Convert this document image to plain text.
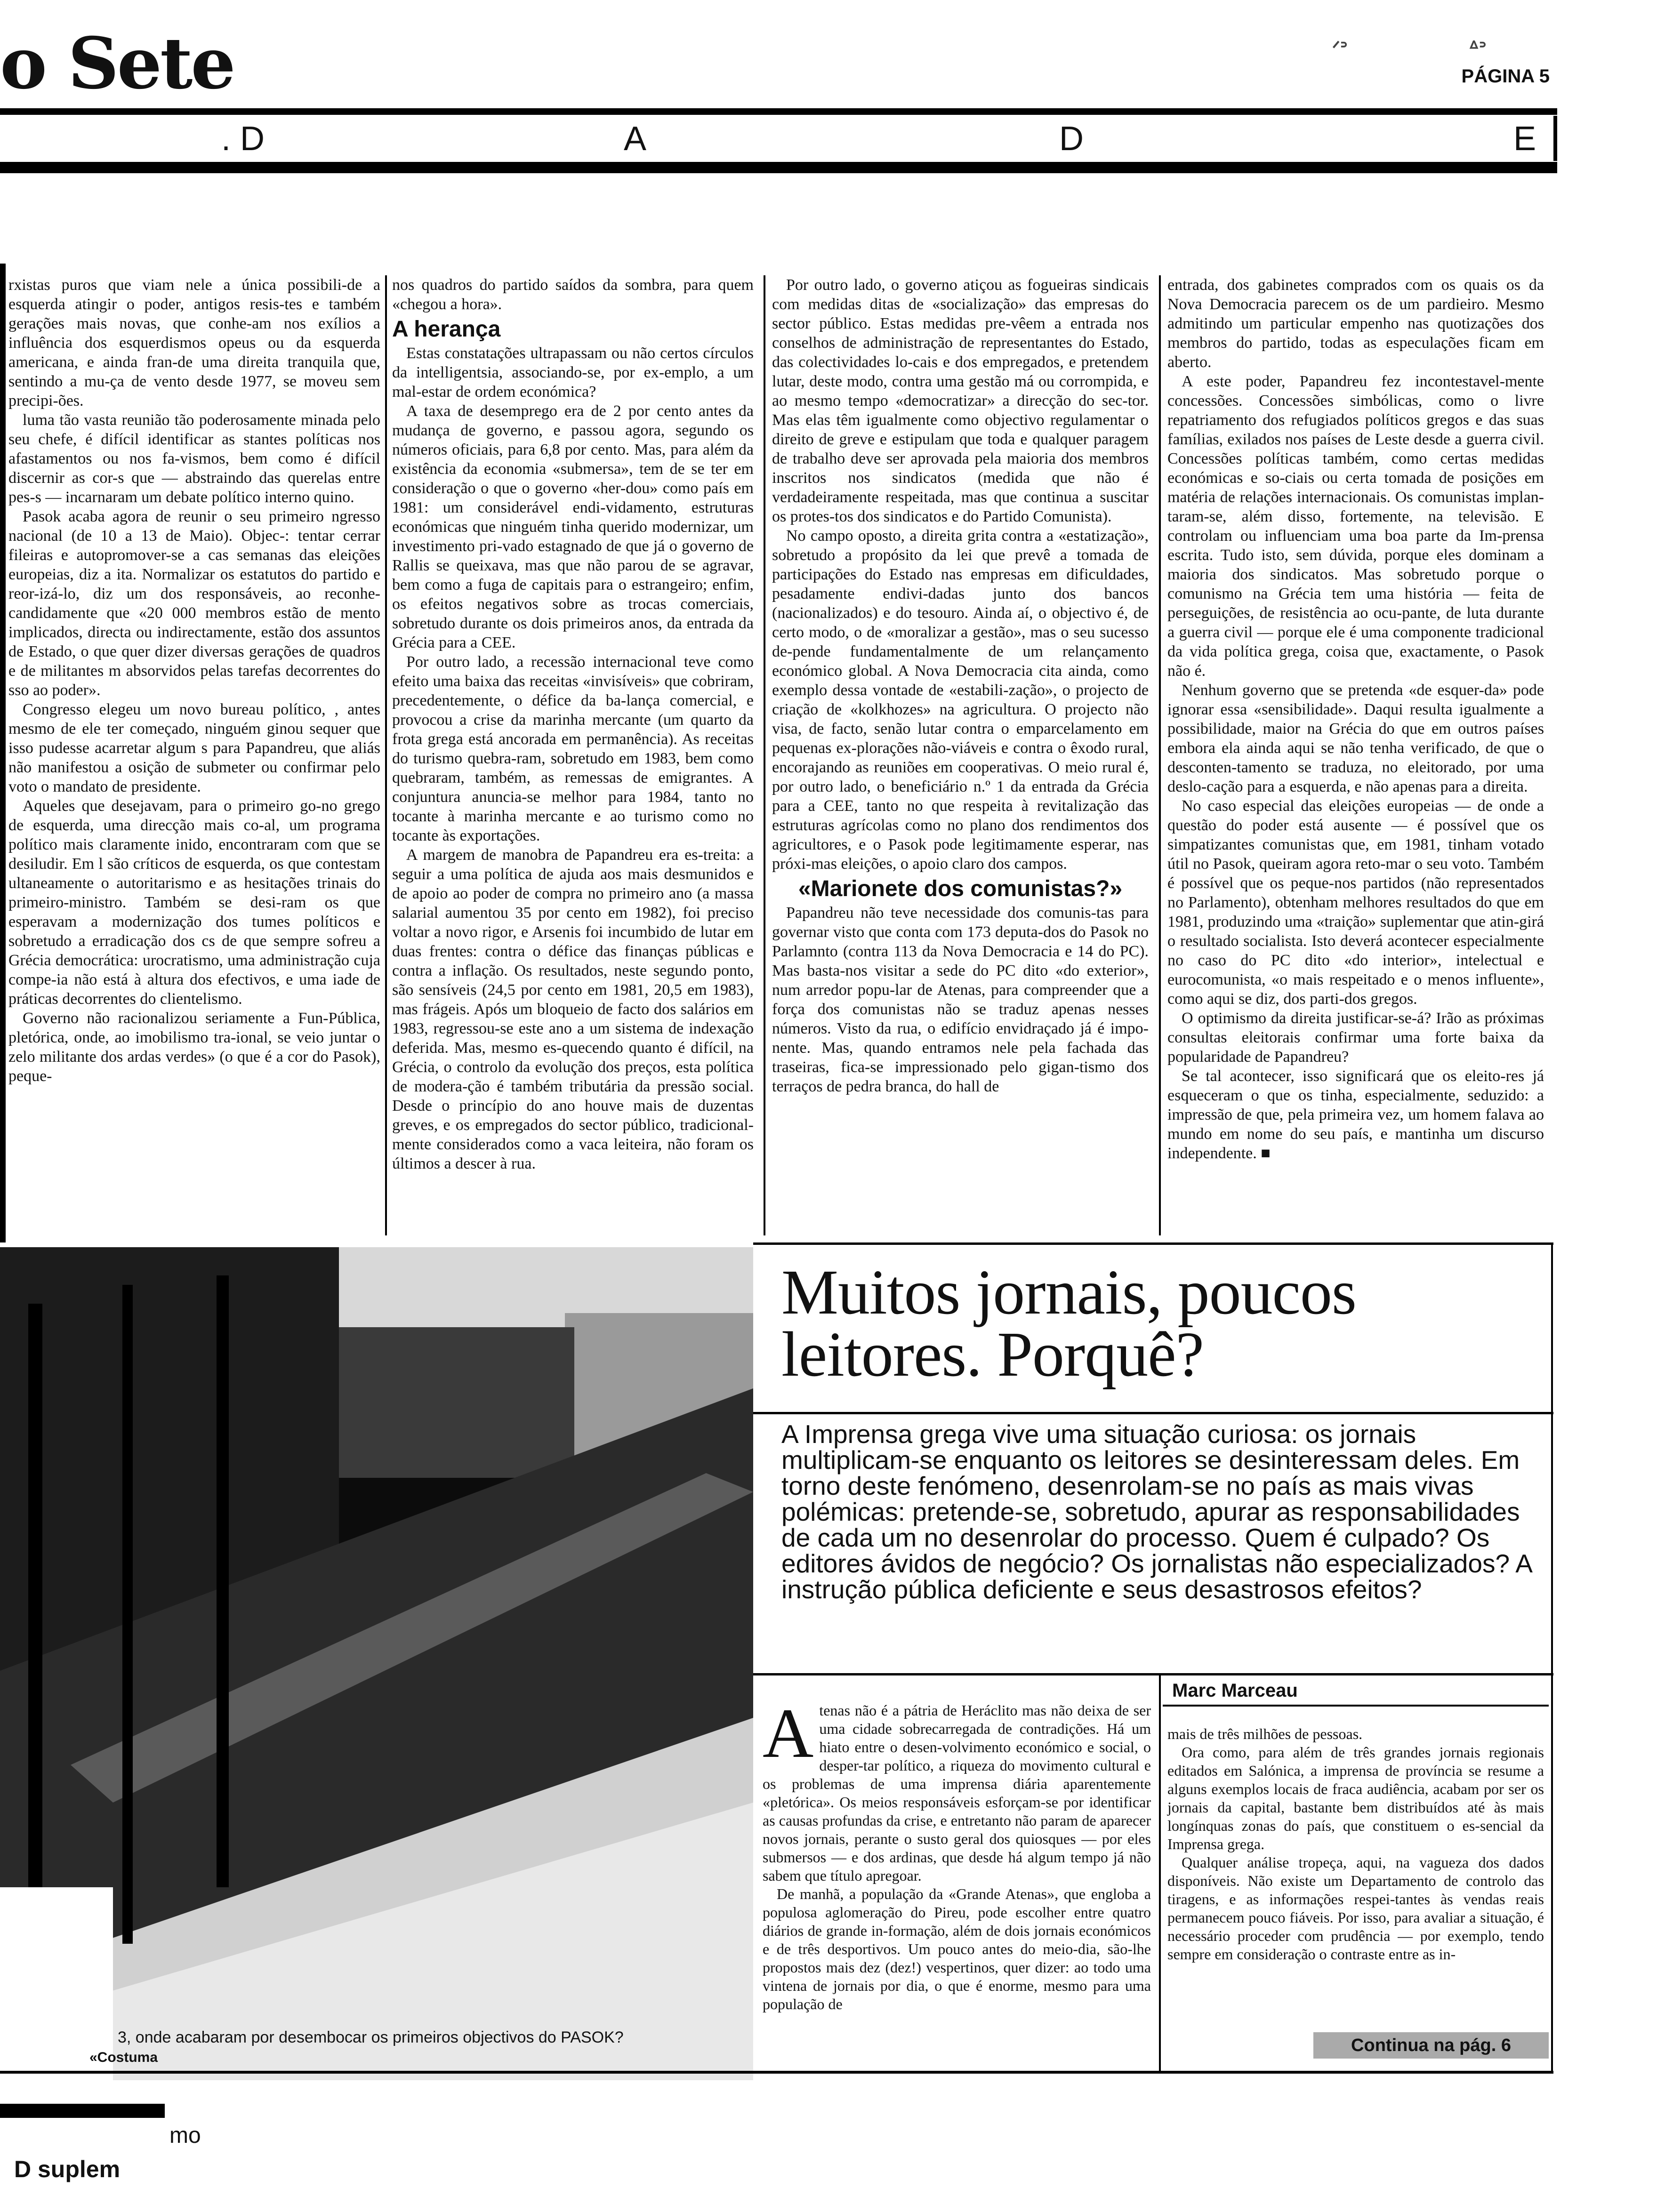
o Sete	ᐟᐣ	ᐞᐣ
PÁGINA 5
. D	A	D	E

rxistas puros que viam nele a única possibili-de a esquerda atingir o poder, antigos resis-tes e também gerações mais novas, que conhe-am nos exílios a influência dos esquerdismos opeus ou da esquerda americana, e ainda fran-de uma direita tranquila que, sentindo a mu-ça de vento desde 1977, se moveu sem precipi-ões.

luma tão vasta reunião tão poderosamente minada pelo seu chefe, é difícil identificar as stantes políticas nos afastamentos ou nos fa-vismos, bem como é difícil discernir as cor-s que — abstraindo das querelas entre pes-s — incarnaram um debate político interno quino.

Pasok acaba agora de reunir o seu primeiro ngresso nacional (de 10 a 13 de Maio). Objec-: tentar cerrar fileiras e autopromover-se a cas semanas das eleições europeias, diz a ita. Normalizar os estatutos do partido e reor-izá-lo, diz um dos responsáveis, ao reconhe-candidamente que «20 000 membros estão de mento implicados, directa ou indirectamente, estão dos assuntos de Estado, o que quer dizer diversas gerações de quadros e de militantes m absorvidos pelas tarefas decorrentes do sso ao poder».

Congresso elegeu um novo bureau político, , antes mesmo de ele ter começado, ninguém ginou sequer que isso pudesse acarretar algum s para Papandreu, que aliás não manifestou a osição de submeter ou confirmar pelo voto o mandato de presidente.

Aqueles que desejavam, para o primeiro go-no grego de esquerda, uma direcção mais co-al, um programa político mais claramente inido, encontraram com que se desiludir. Em l são críticos de esquerda, os que contestam ultaneamente o autoritarismo e as hesitações trinais do primeiro-ministro. Também se desi-ram os que esperavam a modernização dos tumes políticos e sobretudo a erradicação dos cs de que sempre sofreu a Grécia democrática: urocratismo, uma administração cuja compe-ia não está à altura dos efectivos, e uma iade de práticas decorrentes do clientelismo.

Governo não racionalizou seriamente a Fun-Pública, pletórica, onde, ao imobilismo tra-ional, se veio juntar o zelo militante dos ardas verdes» (o que é a cor do Pasok), peque-

nos quadros do partido saídos da sombra, para quem «chegou a hora».

A herança

Estas constatações ultrapassam ou não certos círculos da intelligentsia, associando-se, por ex-emplo, a um mal-estar de ordem económica?

A taxa de desemprego era de 2 por cento antes da mudança de governo, e passou agora, segundo os números oficiais, para 6,8 por cento. Mas, para além da existência da economia «submersa», tem de se ter em consideração o que o governo «her-dou» como país em 1981: um considerável endi-vidamento, estruturas económicas que ninguém tinha querido modernizar, um investimento pri-vado estagnado de que já o governo de Rallis se queixava, mas que não parou de se agravar, bem como a fuga de capitais para o estrangeiro; enfim, os efeitos negativos sobre as trocas comerciais, sobretudo durante os dois primeiros anos, da entrada da Grécia para a CEE.

Por outro lado, a recessão internacional teve como efeito uma baixa das receitas «invisíveis» que cobriram, precedentemente, o défice da ba-lança comercial, e provocou a crise da marinha mercante (um quarto da frota grega está ancorada em permanência). As receitas do turismo quebra-ram, sobretudo em 1983, bem como quebraram, também, as remessas de emigrantes. A conjuntura anuncia-se melhor para 1984, tanto no tocante à marinha mercante e ao turismo como no tocante às exportações.

A margem de manobra de Papandreu era es-treita: a seguir a uma política de ajuda aos mais desmunidos e de apoio ao poder de compra no primeiro ano (a massa salarial aumentou 35 por cento em 1982), foi preciso voltar a novo rigor, e Arsenis foi incumbido de lutar em duas frentes: contra o défice das finanças públicas e contra a inflação. Os resultados, neste segundo ponto, são sensíveis (24,5 por cento em 1981, 20,5 em 1983), mas frágeis. Após um bloqueio de facto dos salários em 1983, regressou-se este ano a um sistema de indexação deferida. Mas, mesmo es-quecendo quanto é difícil, na Grécia, o controlo da evolução dos preços, esta política de modera-ção é também tributária da pressão social. Desde o princípio do ano houve mais de duzentas greves, e os empregados do sector público, tradicional-mente considerados como a vaca leiteira, não foram os últimos a descer à rua.

Por outro lado, o governo atiçou as fogueiras sindicais com medidas ditas de «socialização» das empresas do sector público. Estas medidas pre-vêem a entrada nos conselhos de administração de representantes do Estado, das colectividades lo-cais e dos empregados, e pretendem lutar, deste modo, contra uma gestão má ou corrompida, e ao mesmo tempo «democratizar» a direcção do sec-tor. Mas elas têm igualmente como objectivo regulamentar o direito de greve e estipulam que toda e qualquer paragem de trabalho deve ser aprovada pela maioria dos membros inscritos nos sindicatos (medida que não é verdadeiramente respeitada, mas que continua a suscitar os protes-tos dos sindicatos e do Partido Comunista).

No campo oposto, a direita grita contra a «estatização», sobretudo a propósito da lei que prevê a tomada de participações do Estado nas empresas em dificuldades, pesadamente endivi-dadas junto dos bancos (nacionalizados) e do tesouro. Ainda aí, o objectivo é, de certo modo, o de «moralizar a gestão», mas o seu sucesso de-pende fundamentalmente de um relançamento económico global. A Nova Democracia cita ainda, como exemplo dessa vontade de «estabili-zação», o projecto de criação de «kolkhozes» na agricultura. O projecto não visa, de facto, senão lutar contra o emparcelamento em pequenas ex-plorações não-viáveis e contra o êxodo rural, encorajando as reuniões em cooperativas. O meio rural é, por outro lado, o beneficiário n.º 1 da entrada da Grécia para a CEE, tanto no que respeita à revitalização das estruturas agrícolas como no plano dos rendimentos dos agricultores, e o Pasok pode legitimamente esperar, nas próxi-mas eleições, o apoio claro dos campos.

«Marionete dos comunistas?»

Papandreu não teve necessidade dos comunis-tas para governar visto que conta com 173 deputa-dos do Pasok no Parlamnto (contra 113 da Nova Democracia e 14 do PC). Mas basta-nos visitar a sede do PC dito «do exterior», num arredor popu-lar de Atenas, para compreender que a força dos comunistas não se traduz apenas nesses números. Visto da rua, o edifício envidraçado já é impo-nente. Mas, quando entramos nele pela fachada das traseiras, fica-se impressionado pelo gigan-tismo dos terraços de pedra branca, do hall de

entrada, dos gabinetes comprados com os quais os da Nova Democracia parecem os de um pardieiro. Mesmo admitindo um particular empenho nas quotizações dos membros do partido, todas as especulações ficam em aberto.

A este poder, Papandreu fez incontestavel-mente concessões. Concessões simbólicas, como o livre repatriamento dos refugiados políticos gregos e das suas famílias, exilados nos países de Leste desde a guerra civil. Concessões políticas também, como certas medidas económicas e so-ciais ou certa tomada de posições em matéria de relações internacionais. Os comunistas implan-taram-se, além disso, fortemente, na televisão. E controlam ou influenciam uma boa parte da Im-prensa escrita. Tudo isto, sem dúvida, porque eles dominam a maioria dos sindicatos. Mas sobretudo porque o comunismo na Grécia tem uma história — feita de perseguições, de resistência ao ocu-pante, de luta durante a guerra civil — porque ele é uma componente tradicional da vida política grega, coisa que, exactamente, o Pasok não é.

Nenhum governo que se pretenda «de esquer-da» pode ignorar essa «sensibilidade». Daqui resulta igualmente a possibilidade, maior na Grécia do que em outros países embora ela ainda aqui se não tenha verificado, de que o desconten-tamento se traduza, no eleitorado, por uma deslo-cação para a esquerda, e não apenas para a direita.

No caso especial das eleições europeias — de onde a questão do poder está ausente — é possível que os simpatizantes comunistas que, em 1981, tinham votado útil no Pasok, queiram agora reto-mar o seu voto. Também é possível que os peque-nos partidos (não representados no Parlamento), obtenham melhores resultados do que em 1981, produzindo uma «traição» suplementar que atin-girá o resultado socialista. Isto deverá acontecer especialmente no caso do PC dito «do interior», intelectual e eurocomunista, «o mais respeitado e o menos influente», como aqui se diz, dos parti-dos gregos.

O optimismo da direita justificar-se-á? Irão as próximas consultas eleitorais confirmar uma forte baixa da popularidade de Papandreu?

Se tal acontecer, isso significará que os eleito-res já esqueceram o que os tinha, especialmente, seduzido: a impressão de que, pela primeira vez, um homem falava ao mundo em nome do seu país, e mantinha um discurso independente. ■

3, onde acabaram por desembocar os primeiros objectivos do PASOK?
«Costuma
Muitos jornais, poucos leitores. Porquê?
A Imprensa grega vive uma situação curiosa: os jornais multiplicam-se enquanto os leitores se desinteressam deles. Em torno deste fenómeno, desenrolam-se no país as mais vivas polémicas: pretende-se, sobretudo, apurar as responsabilidades de cada um no desenrolar do processo. Quem é culpado? Os editores ávidos de negócio? Os jornalistas não especializados? A instrução pública deficiente e seus desastrosos efeitos?
Marc Marceau
A tenas não é a pátria de Heráclito mas não deixa de ser uma cidade sobrecarregada de contradições. Há um hiato entre o desen-volvimento económico e social, o desper-tar político, a riqueza do movimento cultural e os problemas de uma imprensa diária aparentemente «pletórica». Os meios responsáveis esforçam-se por identificar as causas profundas da crise, e entretanto não param de aparecer novos jornais, perante o susto geral dos quiosques — por eles submersos — e dos ardinas, que desde há algum tempo já não sabem que título apregoar.

De manhã, a população da «Grande Atenas», que engloba a populosa aglomeração do Pireu, pode escolher entre quatro diários de grande in-formação, além de dois jornais económicos e de três desportivos. Um pouco antes do meio-dia, são-lhe propostos mais dez (dez!) vespertinos, quer dizer: ao todo uma vintena de jornais por dia, o que é enorme, mesmo para uma população de

mais de três milhões de pessoas.

Ora como, para além de três grandes jornais regionais editados em Salónica, a imprensa de província se resume a alguns exemplos locais de fraca audiência, acabam por ser os jornais da capital, bastante bem distribuídos até às mais longínquas zonas do país, que constituem o es-sencial da Imprensa grega.

Qualquer análise tropeça, aqui, na vagueza dos dados disponíveis. Não existe um Departamento de controlo das tiragens, e as informações respei-tantes às vendas reais permanecem pouco fiáveis. Por isso, para avaliar a situação, é necessário proceder com prudência — por exemplo, tendo sempre em consideração o contraste entre as in-

Continua na pág. 6
mo
D suplem
